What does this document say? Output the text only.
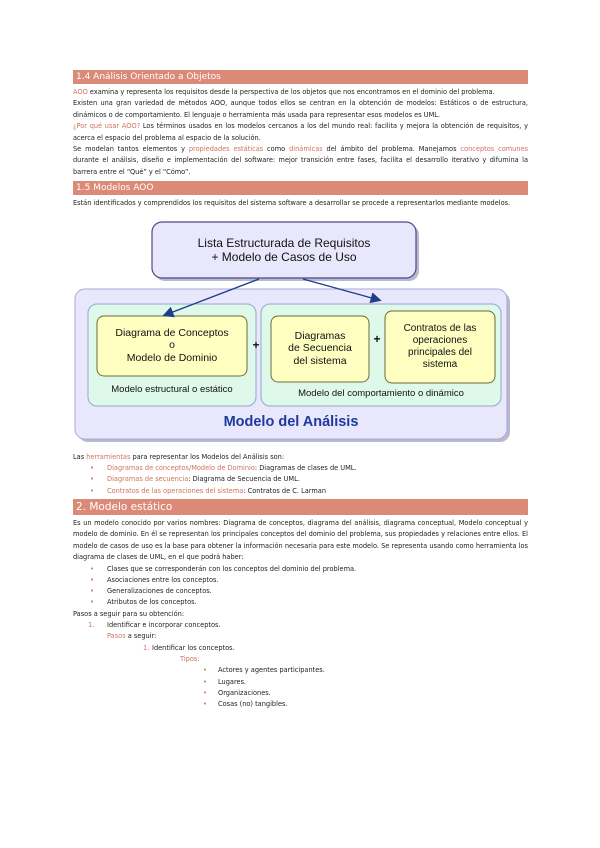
1.4 Análisis Orientado a Objetos

AOO examina y representa los requisitos desde la perspectiva de los objetos que nos encontramos en el dominio del problema.

Existen una gran variedad de métodos AOO, aunque todos ellos se centran en la obtención de modelos: Estáticos o de estructura, dinámicos o de comportamiento. El lenguaje o herramienta más usada para representar esos modelos es UML.

¿Por qué usar AOO? Los términos usados en los modelos cercanos a los del mundo real: facilita y mejora la obtención de requisitos, y acerca el espacio del problema al espacio de la solución.

Se modelan tantos elementos y propiedades estáticas como dinámicas del ámbito del problema. Manejamos conceptos comunes durante el análisis, diseño e implementación del software: mejor transición entre fases, facilita el desarrollo iterativo y difumina la barrera entre el “Qué” y el “Cómo”.

1.5 Modelos AOO

Están identificados y comprendidos los requisitos del sistema software a desarrollar se procede a representarlos mediante modelos.

Lista Estructurada de Requisitos
+ Modelo de Casos de Uso
Diagrama de Conceptos
o
Modelo de Dominio
Modelo estructural o estático
+
Diagramas
de Secuencia
del sistema
+
Contratos de las
operaciones
principales del
sistema
Modelo del comportamiento o dinámico
Modelo del Análisis

Las herramientas para representar los Modelos del Análisis son:

• Diagramas de conceptos/Modelo de Dominio: Diagramas de clases de UML.
• Diagramas de secuencia: Diagrama de Secuencia de UML.
• Contratos de las operaciones del sistema: Contratos de C. Larman
2. Modelo estático

Es un modelo conocido por varios nombres: Diagrama de conceptos, diagrama del análisis, diagrama conceptual, Modelo conceptual y modelo de dominio. En él se representan los principales conceptos del dominio del problema, sus propiedades y relaciones entre ellos. El modelo de casos de uso es la base para obtener la información necesaria para este modelo. Se representa usando como herramienta los diagrama de clases de UML, en el que podrá haber:

• Clases que se corresponderán con los conceptos del dominio del problema.
• Asociaciones entre los conceptos.
• Generalizaciones de conceptos.
• Atributos de los conceptos.

Pasos a seguir para su obtención:

1. Identificar e incorporar conceptos.
Pasos a seguir:
1. Identificar los conceptos.
Tipos:
• Actores y agentes participantes.
• Lugares.
• Organizaciones.
• Cosas (no) tangibles.
